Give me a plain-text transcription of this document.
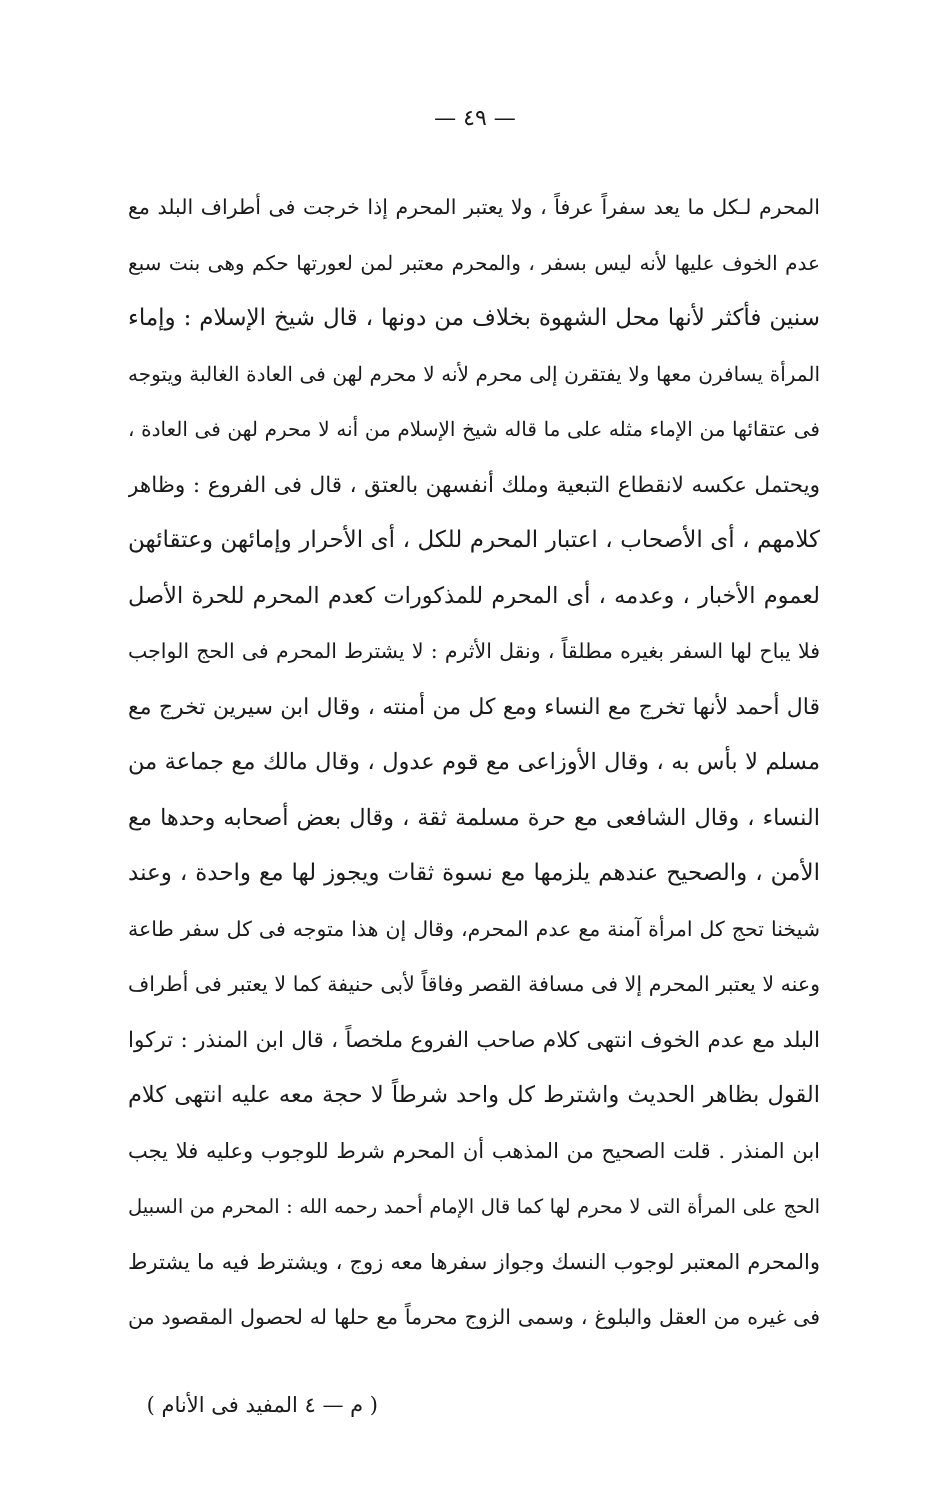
— ٤٩ —
المحرم لـكل ما يعد سفراً عرفاً ، ولا يعتبر المحرم إذا خرجت فى أطراف البلد مع
عدم الخوف عليها لأنه ليس بسفر ، والمحرم معتبر لمن لعورتها حكم وهى بنت سبع
سنين فأكثر لأنها محل الشهوة بخلاف من دونها ، قال شيخ الإسلام : وإماء
المرأة يسافرن معها ولا يفتقرن إلى محرم لأنه لا محرم لهن فى العادة الغالبة ويتوجه
فى عتقائها من الإماء مثله على ما قاله شيخ الإسلام من أنه لا محرم لهن فى العادة ،
ويحتمل عكسه لانقطاع التبعية وملك أنفسهن بالعتق ، قال فى الفروع : وظاهر
كلامهم ، أى الأصحاب ، اعتبار المحرم للكل ، أى الأحرار وإمائهن وعتقائهن
لعموم الأخبار ، وعدمه ، أى المحرم للمذكورات كعدم المحرم للحرة الأصل
فلا يباح لها السفر بغيره مطلقاً ، ونقل الأثرم : لا يشترط المحرم فى الحج الواجب
قال أحمد لأنها تخرج مع النساء ومع كل من أمنته ، وقال ابن سيرين تخرج مع
مسلم لا بأس به ، وقال الأوزاعى مع قوم عدول ، وقال مالك مع جماعة من
النساء ، وقال الشافعى مع حرة مسلمة ثقة ، وقال بعض أصحابه وحدها مع
الأمن ، والصحيح عندهم يلزمها مع نسوة ثقات ويجوز لها مع واحدة ، وعند
شيخنا تحج كل امرأة آمنة مع عدم المحرم، وقال إن هذا متوجه فى كل سفر طاعة
وعنه لا يعتبر المحرم إلا فى مسافة القصر وفاقاً لأبى حنيفة كما لا يعتبر فى أطراف
البلد مع عدم الخوف انتهى كلام صاحب الفروع ملخصاً ، قال ابن المنذر : تركوا
القول بظاهر الحديث واشترط كل واحد شرطاً لا حجة معه عليه انتهى كلام
ابن المنذر . قلت الصحيح من المذهب أن المحرم شرط للوجوب وعليه فلا يجب
الحج على المرأة التى لا محرم لها كما قال الإمام أحمد رحمه الله : المحرم من السبيل
والمحرم المعتبر لوجوب النسك وجواز سفرها معه زوج ، ويشترط فيه ما يشترط
فى غيره من العقل والبلوغ ، وسمى الزوج محرماً مع حلها له لحصول المقصود من
( م — ٤ المفيد فى الأنام )
